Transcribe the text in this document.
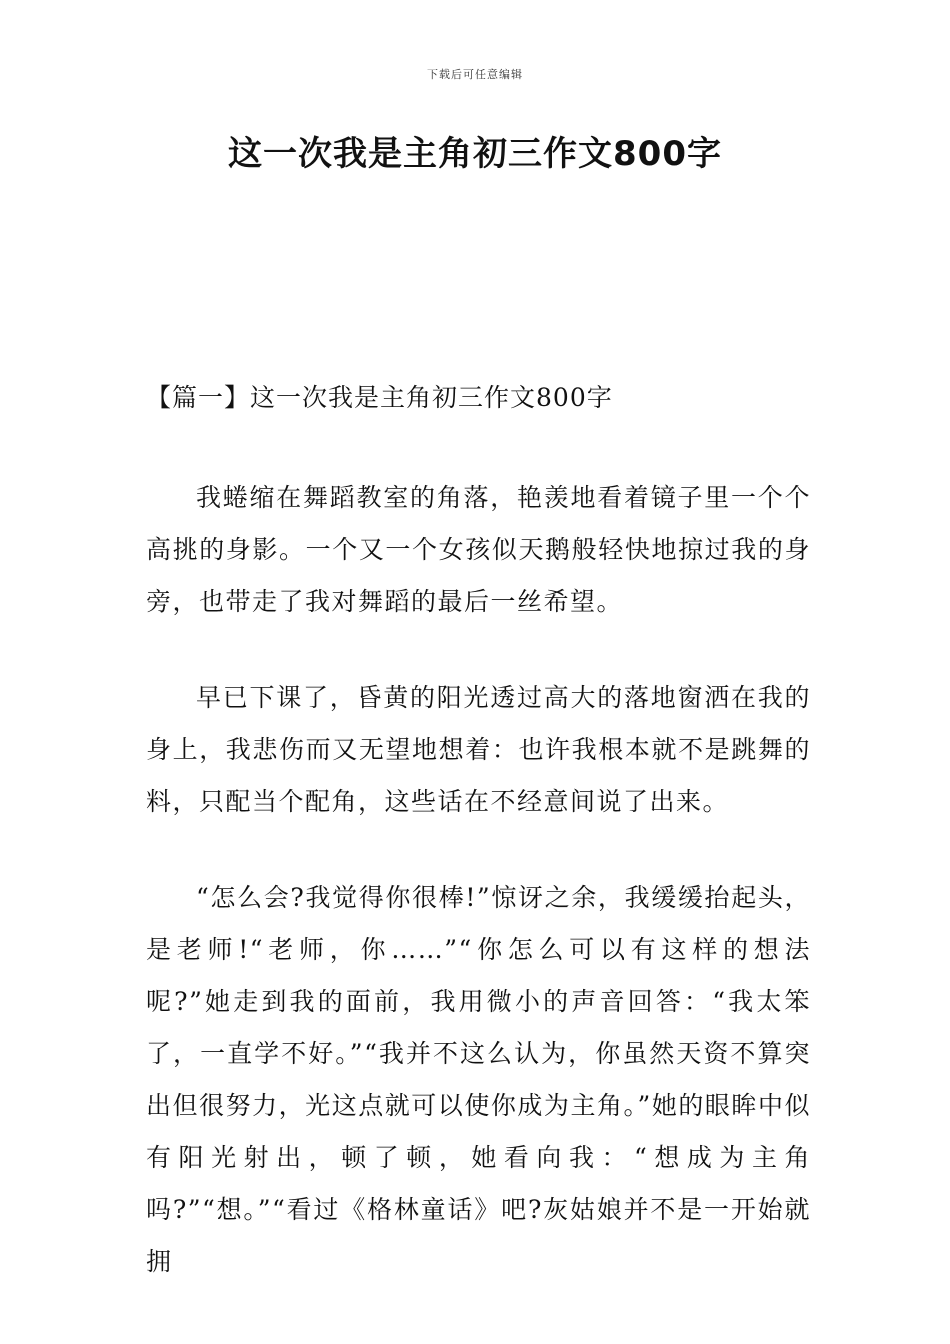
下载后可任意编辑
这一次我是主角初三作文800字
【篇一】这一次我是主角初三作文800字

我蜷缩在舞蹈教室的角落，艳羡地看着镜子里一个个高挑的身影。一个又一个女孩似天鹅般轻快地掠过我的身旁，也带走了我对舞蹈的最后一丝希望。

早已下课了，昏黄的阳光透过高大的落地窗洒在我的身上，我悲伤而又无望地想着：也许我根本就不是跳舞的料，只配当个配角，这些话在不经意间说了出来。

“怎么会?我觉得你很棒!”惊讶之余，我缓缓抬起头，是老师!“老师，你……”“你怎么可以有这样的想法呢?”她走到我的面前，我用微小的声音回答：“我太笨了，一直学不好。”“我并不这么认为，你虽然天资不算突出但很努力，光这点就可以使你成为主角。”她的眼眸中似有阳光射出，顿了顿，她看向我：“想成为主角吗?”“想。”“看过《格林童话》吧?灰姑娘并不是一开始就拥
